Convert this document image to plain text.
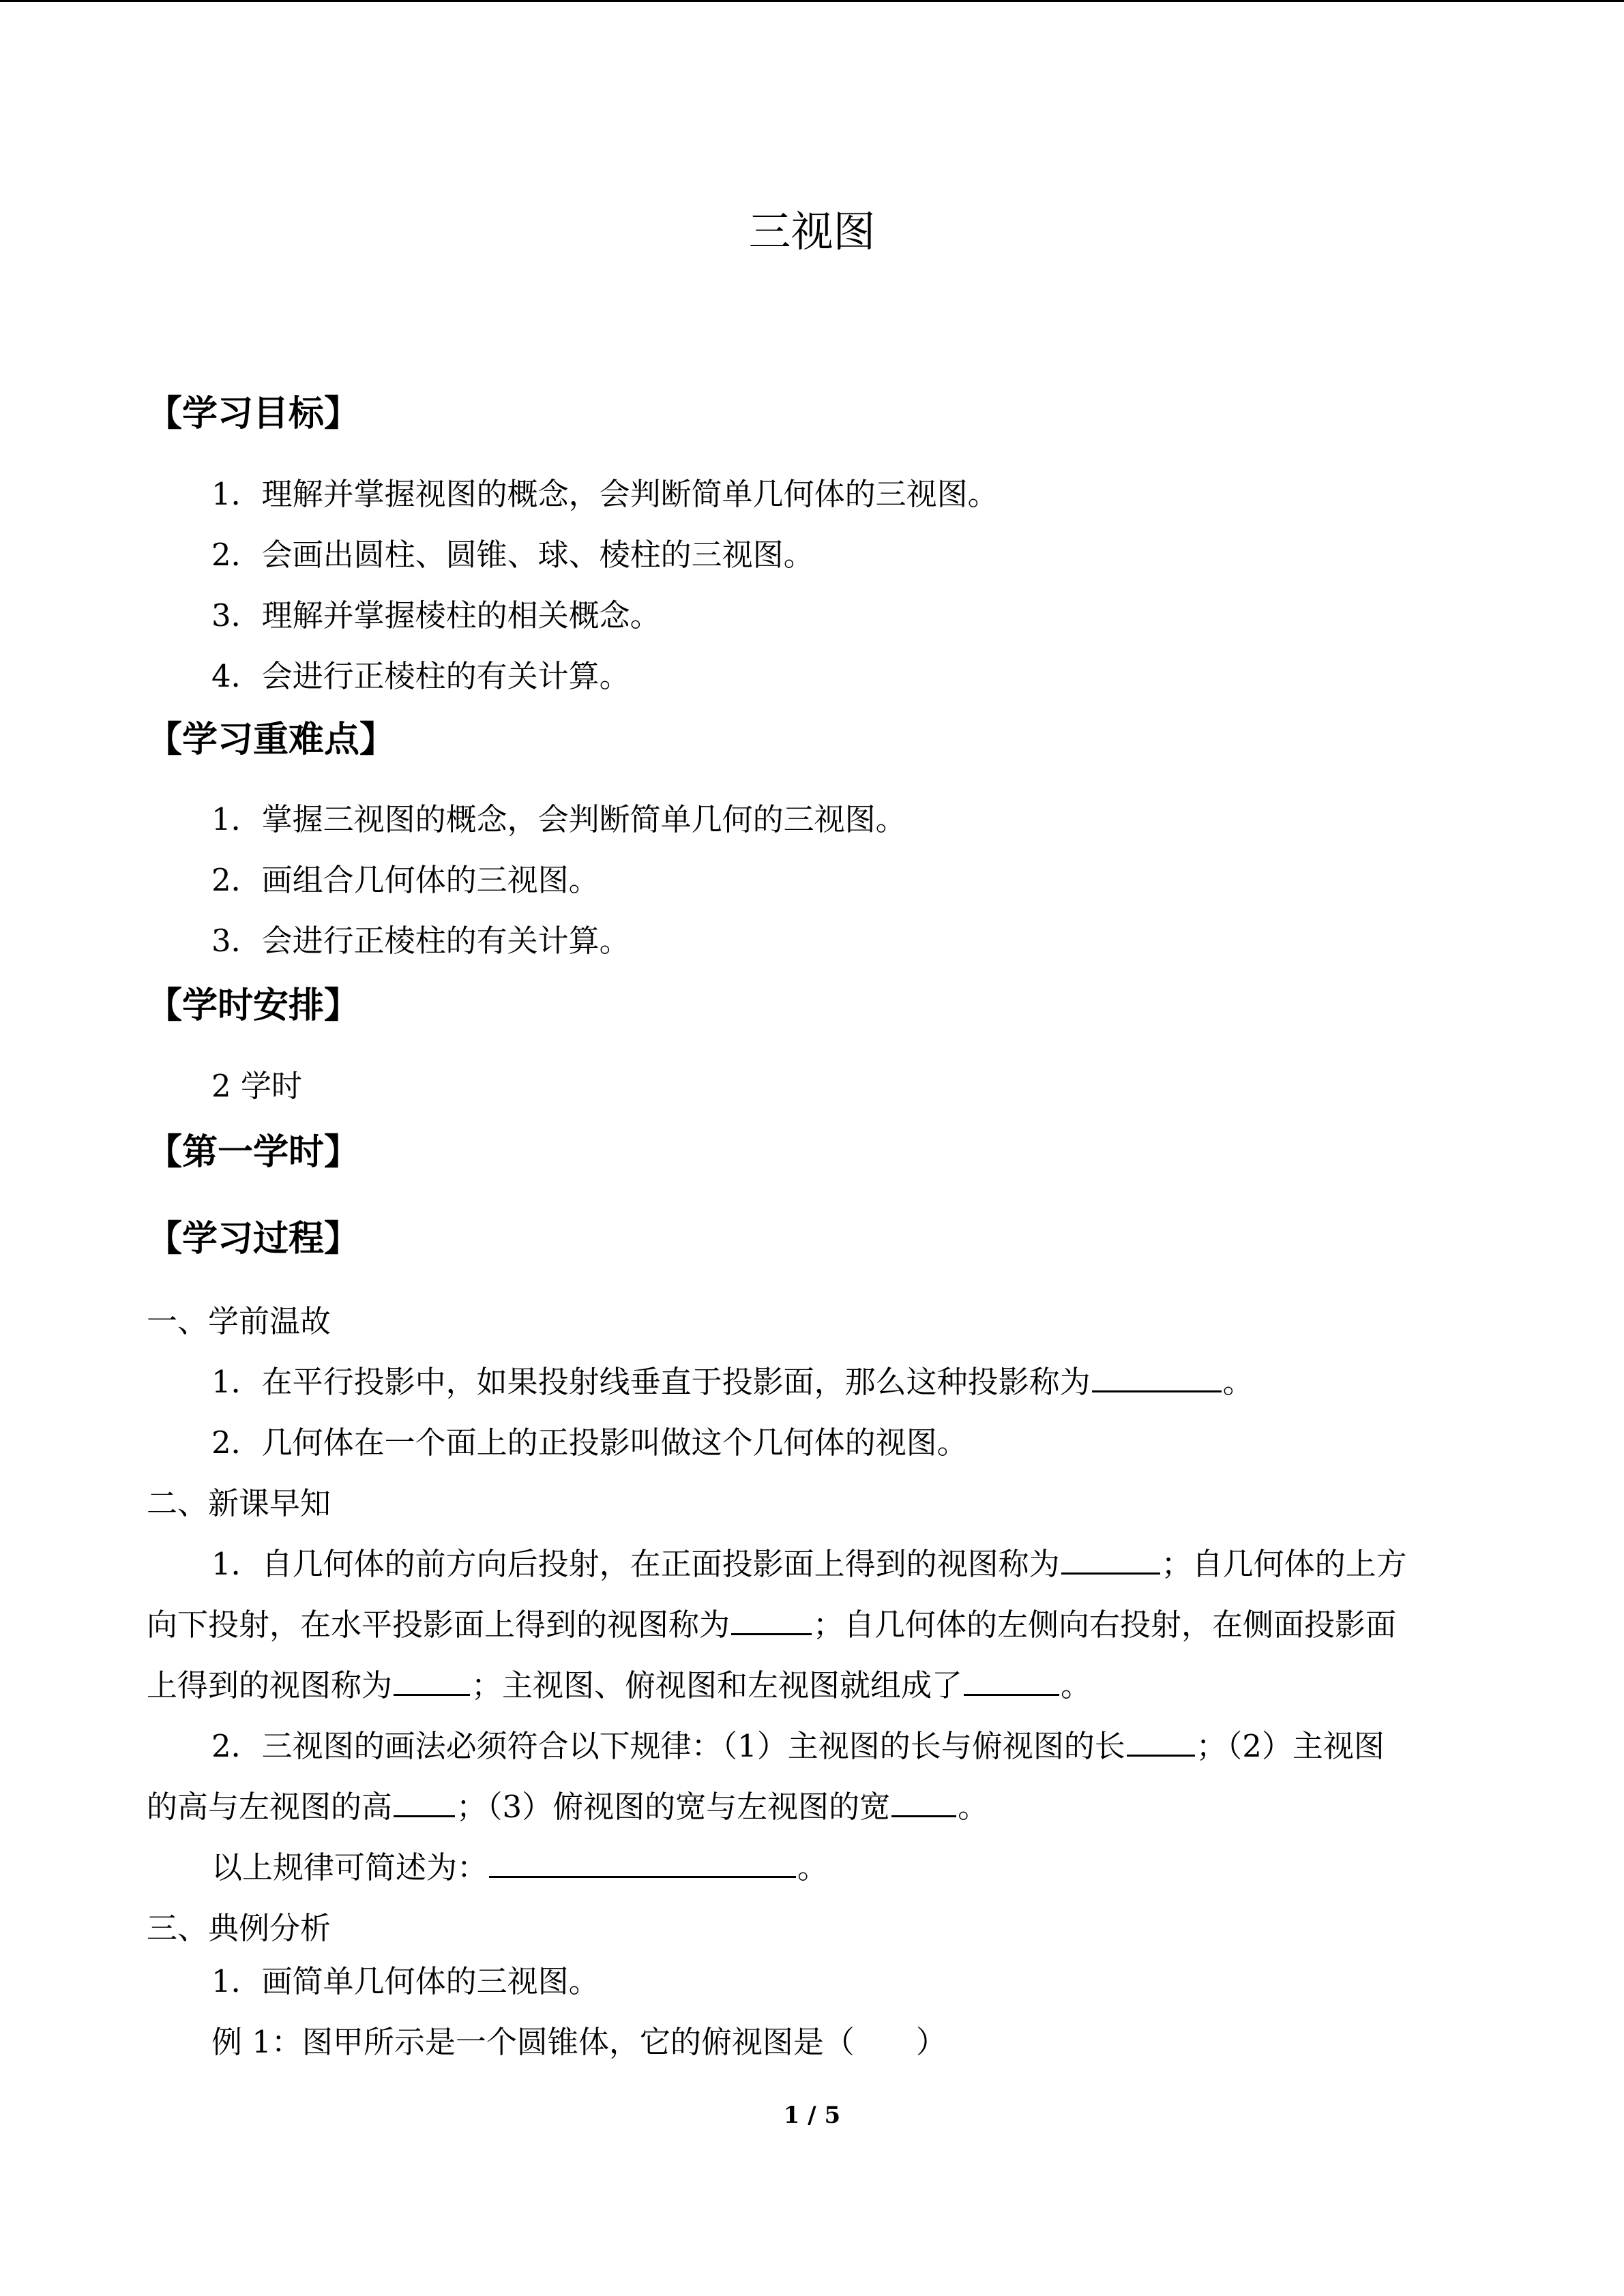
三视图
【学习目标】
1．理解并掌握视图的概念，会判断简单几何体的三视图。
2．会画出圆柱、圆锥、球、棱柱的三视图。
3．理解并掌握棱柱的相关概念。
4．会进行正棱柱的有关计算。
【学习重难点】
1．掌握三视图的概念，会判断简单几何的三视图。
2．画组合几何体的三视图。
3．会进行正棱柱的有关计算。
【学时安排】
2 学时
【第一学时】
【学习过程】
一、学前温故
1．在平行投影中，如果投射线垂直于投影面，那么这种投影称为	。
2．几何体在一个面上的正投影叫做这个几何体的视图。
二、新课早知
1．自几何体的前方向后投射，在正面投影面上得到的视图称为	；自几何体的上方
向下投射，在水平投影面上得到的视图称为	；自几何体的左侧向右投射，在侧面投影面
上得到的视图称为	；主视图、俯视图和左视图就组成了	。
2．三视图的画法必须符合以下规律：（1）主视图的长与俯视图的长 ；（2）主视图
的高与左视图的高 ；（3）俯视图的宽与左视图的宽 。
以上规律可简述为：	。
三、典例分析
1．画简单几何体的三视图。
例 1：图甲所示是一个圆锥体，它的俯视图是（　　）
1 / 5
